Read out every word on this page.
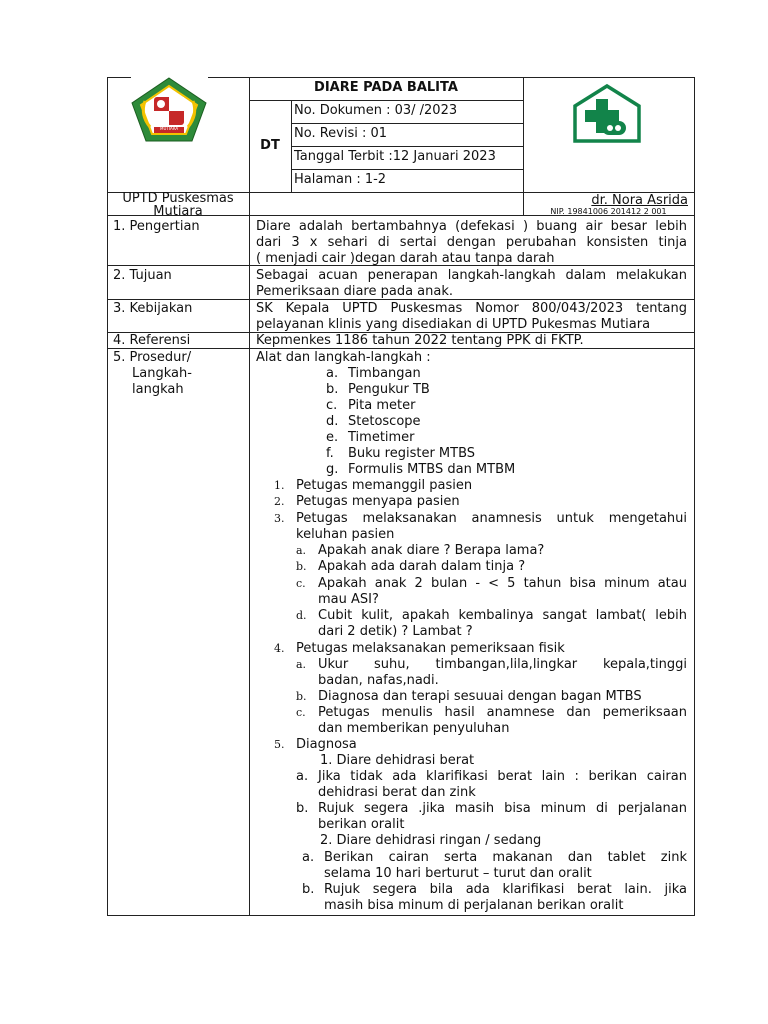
MUTIARA
DIARE PADA BALITA
DT
No. Dokumen : 03/ /2023
No. Revisi : 01
Tanggal Terbit :12 Januari 2023
Halaman : 1-2
UPTD Puskesmas
Mutiara
dr. Nora Asrida
NIP. 19841006 201412 2 001
1. Pengertian
2. Tujuan
3. Kebijakan
4. Referensi
5. Prosedur/
Langkah-
langkah
Diare adalah bertambahnya (defekasi ) buang air besar lebih
dari 3 x sehari di sertai dengan perubahan konsisten tinja
( menjadi cair )degan darah atau tanpa darah
Sebagai acuan penerapan langkah-langkah dalam melakukan
Pemeriksaan diare pada anak.
SK Kepala UPTD Puskesmas Nomor 800/043/2023 tentang
pelayanan klinis yang disediakan di UPTD Pukesmas Mutiara
Kepmenkes 1186 tahun 2022 tentang PPK di FKTP.
Alat dan langkah-langkah :
a. Timbangan
b. Pengukur TB
c. Pita meter
d. Stetoscope
e. Timetimer
f. Buku register MTBS
g. Formulis MTBS dan MTBM
1. Petugas memanggil pasien
2. Petugas menyapa pasien
3. Petugas melaksanakan anamnesis untuk mengetahui
keluhan pasien
a. Apakah anak diare ? Berapa lama?
b. Apakah ada darah dalam tinja ?
c. Apakah anak 2 bulan - < 5 tahun bisa minum atau
mau ASI?
d. Cubit kulit, apakah kembalinya sangat lambat( lebih
dari 2 detik) ? Lambat ?
4. Petugas melaksanakan pemeriksaan fisik
a. Ukur suhu, timbangan,lila,lingkar kepala,tinggi
badan, nafas,nadi.
b. Diagnosa dan terapi sesuuai dengan bagan MTBS
c. Petugas menulis hasil anamnese dan pemeriksaan
dan memberikan penyuluhan
5. Diagnosa
1. Diare dehidrasi berat
a. Jika tidak ada klarifikasi berat lain : berikan cairan
dehidrasi berat dan zink
b. Rujuk segera .jika masih bisa minum di perjalanan
berikan oralit
2. Diare dehidrasi ringan / sedang
a. Berikan cairan serta makanan dan tablet zink
selama 10 hari berturut – turut dan oralit
b. Rujuk segera bila ada klarifikasi berat lain. jika
masih bisa minum di perjalanan berikan oralit
